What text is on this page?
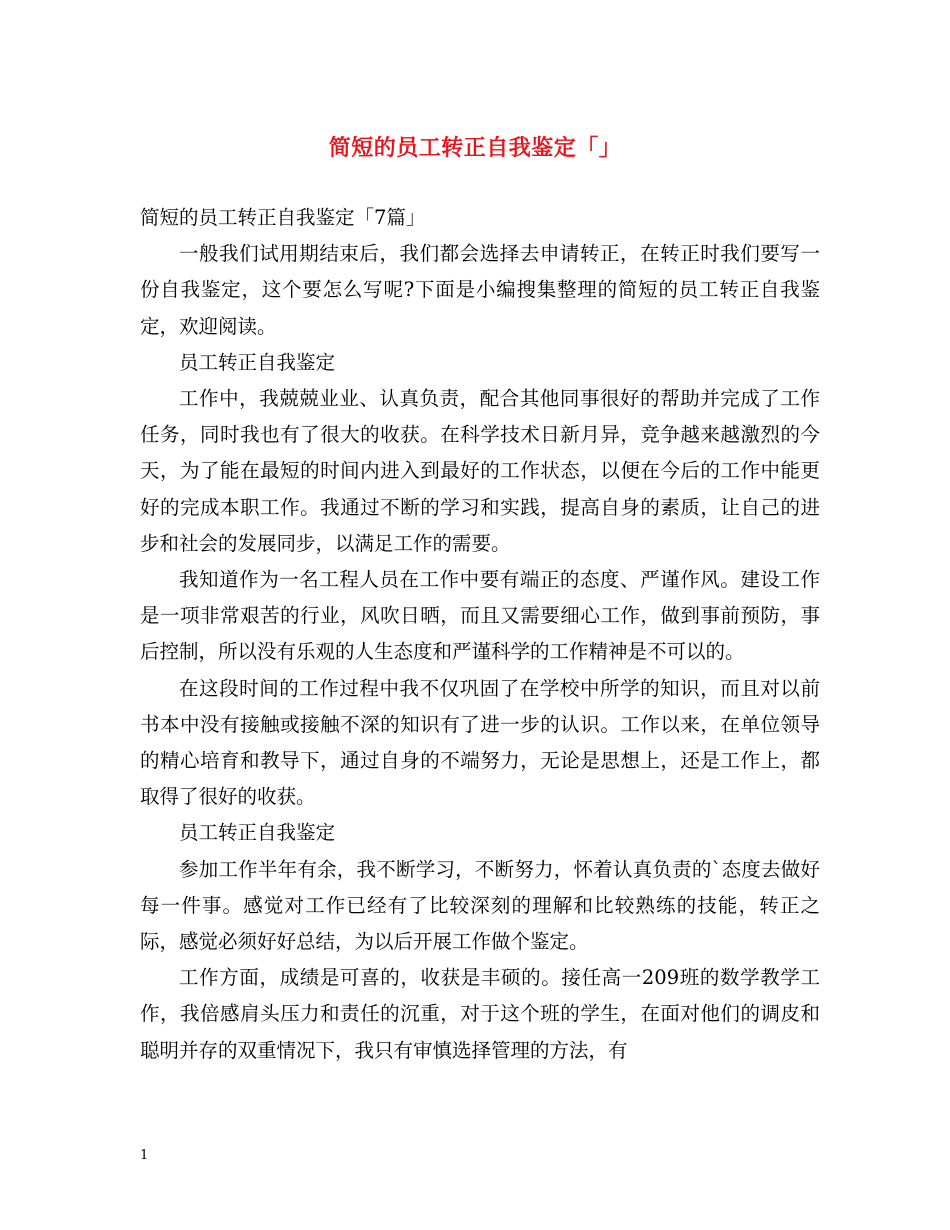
简短的员工转正自我鉴定「」

简短的员工转正自我鉴定「7篇」

一般我们试用期结束后，我们都会选择去申请转正，在转正时我们要写一份自我鉴定，这个要怎么写呢?下面是小编搜集整理的简短的员工转正自我鉴定，欢迎阅读。

员工转正自我鉴定

工作中，我兢兢业业、认真负责，配合其他同事很好的帮助并完成了工作任务，同时我也有了很大的收获。在科学技术日新月异，竞争越来越激烈的今天，为了能在最短的时间内进入到最好的工作状态，以便在今后的工作中能更好的完成本职工作。我通过不断的学习和实践，提高自身的素质，让自己的进步和社会的发展同步，以满足工作的需要。

我知道作为一名工程人员在工作中要有端正的态度、严谨作风。建设工作是一项非常艰苦的行业，风吹日晒，而且又需要细心工作，做到事前预防，事后控制，所以没有乐观的人生态度和严谨科学的工作精神是不可以的。

在这段时间的工作过程中我不仅巩固了在学校中所学的知识，而且对以前书本中没有接触或接触不深的知识有了进一步的认识。工作以来，在单位领导的精心培育和教导下，通过自身的不端努力，无论是思想上，还是工作上，都取得了很好的收获。

员工转正自我鉴定

参加工作半年有余，我不断学习，不断努力，怀着认真负责的`态度去做好每一件事。感觉对工作已经有了比较深刻的理解和比较熟练的技能，转正之际，感觉必须好好总结，为以后开展工作做个鉴定。

工作方面，成绩是可喜的，收获是丰硕的。接任高一209班的数学教学工作，我倍感肩头压力和责任的沉重，对于这个班的学生，在面对他们的调皮和聪明并存的双重情况下，我只有审慎选择管理的方法，有

1
